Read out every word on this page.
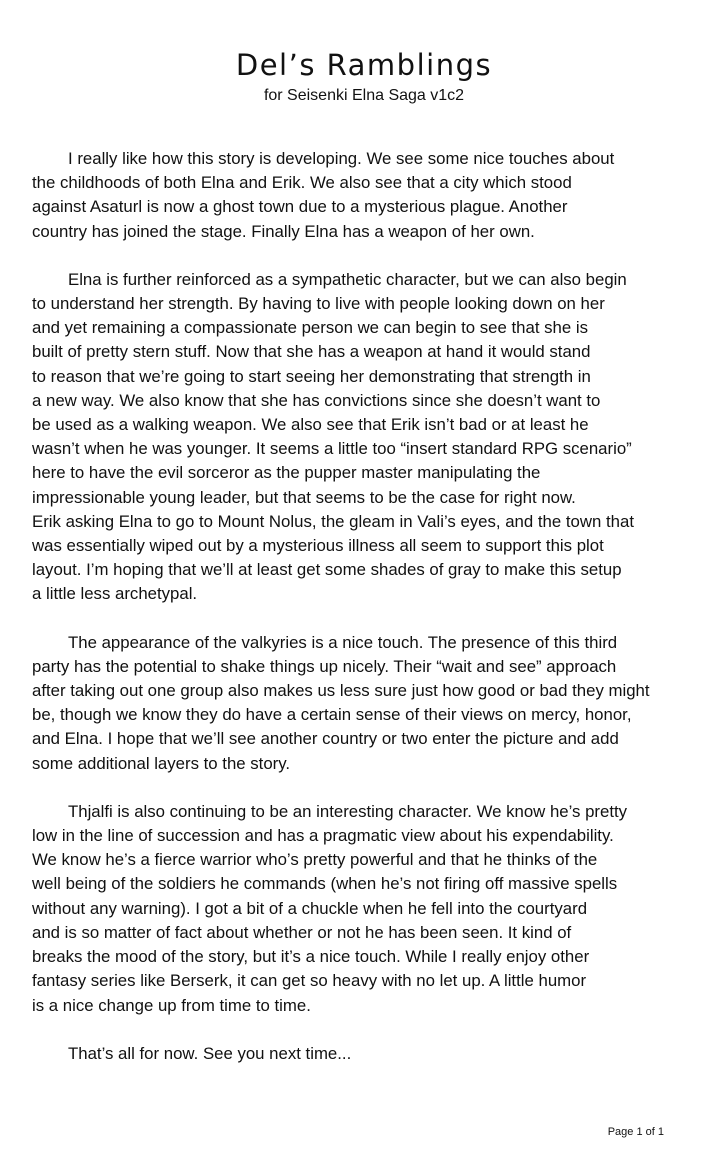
Del’s Ramblings
for Seisenki Elna Saga v1c2
I really like how this story is developing. We see some nice touches about
the childhoods of both Elna and Erik. We also see that a city which stood
against Asaturl is now a ghost town due to a mysterious plague. Another
country has joined the stage. Finally Elna has a weapon of her own.
Elna is further reinforced as a sympathetic character, but we can also begin
to understand her strength. By having to live with people looking down on her
and yet remaining a compassionate person we can begin to see that she is
built of pretty stern stuff. Now that she has a weapon at hand it would stand
to reason that we’re going to start seeing her demonstrating that strength in
a new way. We also know that she has convictions since she doesn’t want to
be used as a walking weapon. We also see that Erik isn’t bad or at least he
wasn’t when he was younger. It seems a little too “insert standard RPG scenario”
here to have the evil sorceror as the pupper master manipulating the
impressionable young leader, but that seems to be the case for right now.
Erik asking Elna to go to Mount Nolus, the gleam in Vali’s eyes, and the town that
was essentially wiped out by a mysterious illness all seem to support this plot
layout. I’m hoping that we’ll at least get some shades of gray to make this setup
a little less archetypal.
The appearance of the valkyries is a nice touch. The presence of this third
party has the potential to shake things up nicely. Their “wait and see” approach
after taking out one group also makes us less sure just how good or bad they might
be, though we know they do have a certain sense of their views on mercy, honor,
and Elna. I hope that we’ll see another country or two enter the picture and add
some additional layers to the story.
Thjalfi is also continuing to be an interesting character. We know he’s pretty
low in the line of succession and has a pragmatic view about his expendability.
We know he’s a fierce warrior who’s pretty powerful and that he thinks of the
well being of the soldiers he commands (when he’s not firing off massive spells
without any warning). I got a bit of a chuckle when he fell into the courtyard
and is so matter of fact about whether or not he has been seen. It kind of
breaks the mood of the story, but it’s a nice touch. While I really enjoy other
fantasy series like Berserk, it can get so heavy with no let up. A little humor
is a nice change up from time to time.
That’s all for now. See you next time...
Page 1 of 1
